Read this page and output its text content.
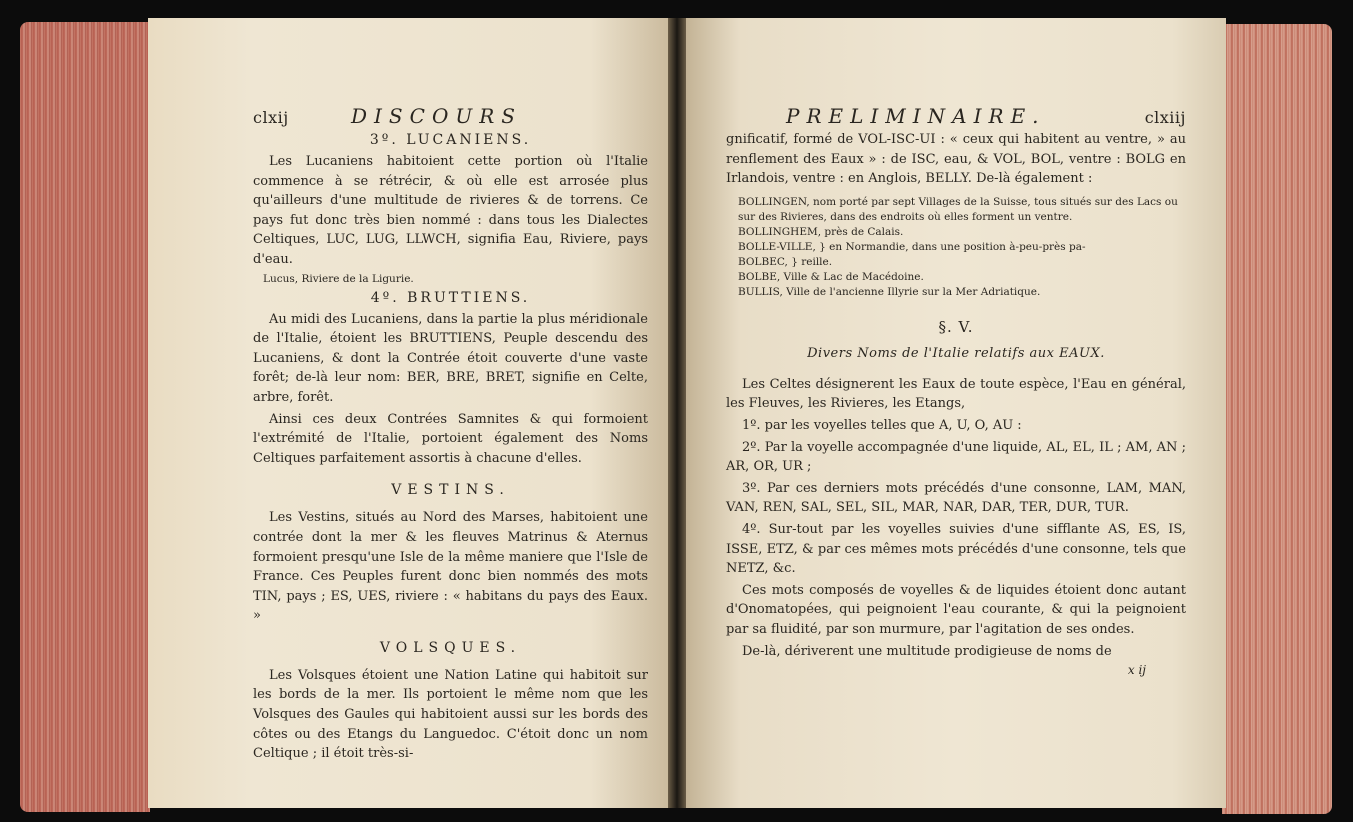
clxij	DISCOURS
3º. LUCANIENS.

Les Lucaniens habitoient cette portion où l'Italie commence à se rétrécir, & où elle est arrosée plus qu'ailleurs d'une multitude de rivieres & de torrens. Ce pays fut donc très bien nommé : dans tous les Dialectes Celtiques, LUC, LUG, LLWCH, signifia Eau, Riviere, pays d'eau.

Lucus, Riviere de la Ligurie.

4º. BRUTTIENS.

Au midi des Lucaniens, dans la partie la plus méridionale de l'Italie, étoient les BRUTTIENS, Peuple descendu des Lucaniens, & dont la Contrée étoit couverte d'une vaste forêt; de-là leur nom: BER, BRE, BRET, signifie en Celte, arbre, forêt.

Ainsi ces deux Contrées Samnites & qui formoient l'extrémité de l'Italie, portoient également des Noms Celtiques parfaitement assortis à chacune d'elles.

VESTINS.

Les Vestins, situés au Nord des Marses, habitoient une contrée dont la mer & les fleuves Matrinus & Aternus formoient presqu'une Isle de la même maniere que l'Isle de France. Ces Peuples furent donc bien nommés des mots TIN, pays ; ES, UES, riviere : « habitans du pays des Eaux. »

VOLSQUES.

Les Volsques étoient une Nation Latine qui habitoit sur les bords de la mer. Ils portoient le même nom que les Volsques des Gaules qui habitoient aussi sur les bords des côtes ou des Etangs du Languedoc. C'étoit donc un nom Celtique ; il étoit très-si-

PRELIMINAIRE.	clxiij

gnificatif, formé de VOL-ISC-UI : « ceux qui habitent au ventre, » au renflement des Eaux » : de ISC, eau, & VOL, BOL, ventre : BOLG en Irlandois, ventre : en Anglois, BELLY. De-là également :

BOLLINGEN, nom porté par sept Villages de la Suisse, tous situés sur des Lacs ou sur des Rivieres, dans des endroits où elles forment un ventre.
BOLLINGHEM, près de Calais.
BOLLE-VILLE, } en Normandie, dans une position à-peu-près pa-
BOLBEC, } reille.
BOLBE, Ville & Lac de Macédoine.
BULLIS, Ville de l'ancienne Illyrie sur la Mer Adriatique.
§. V.
Divers Noms de l'Italie relatifs aux EAUX.

Les Celtes désignerent les Eaux de toute espèce, l'Eau en général, les Fleuves, les Rivieres, les Etangs,

1º. par les voyelles telles que A, U, O, AU :

2º. Par la voyelle accompagnée d'une liquide, AL, EL, IL ; AM, AN ; AR, OR, UR ;

3º. Par ces derniers mots précédés d'une consonne, LAM, MAN, VAN, REN, SAL, SEL, SIL, MAR, NAR, DAR, TER, DUR, TUR.

4º. Sur-tout par les voyelles suivies d'une sifflante AS, ES, IS, ISSE, ETZ, & par ces mêmes mots précédés d'une consonne, tels que NETZ, &c.

Ces mots composés de voyelles & de liquides étoient donc autant d'Onomatopées, qui peignoient l'eau courante, & qui la peignoient par sa fluidité, par son murmure, par l'agitation de ses ondes.

De-là, dériverent une multitude prodigieuse de noms de

x ij
